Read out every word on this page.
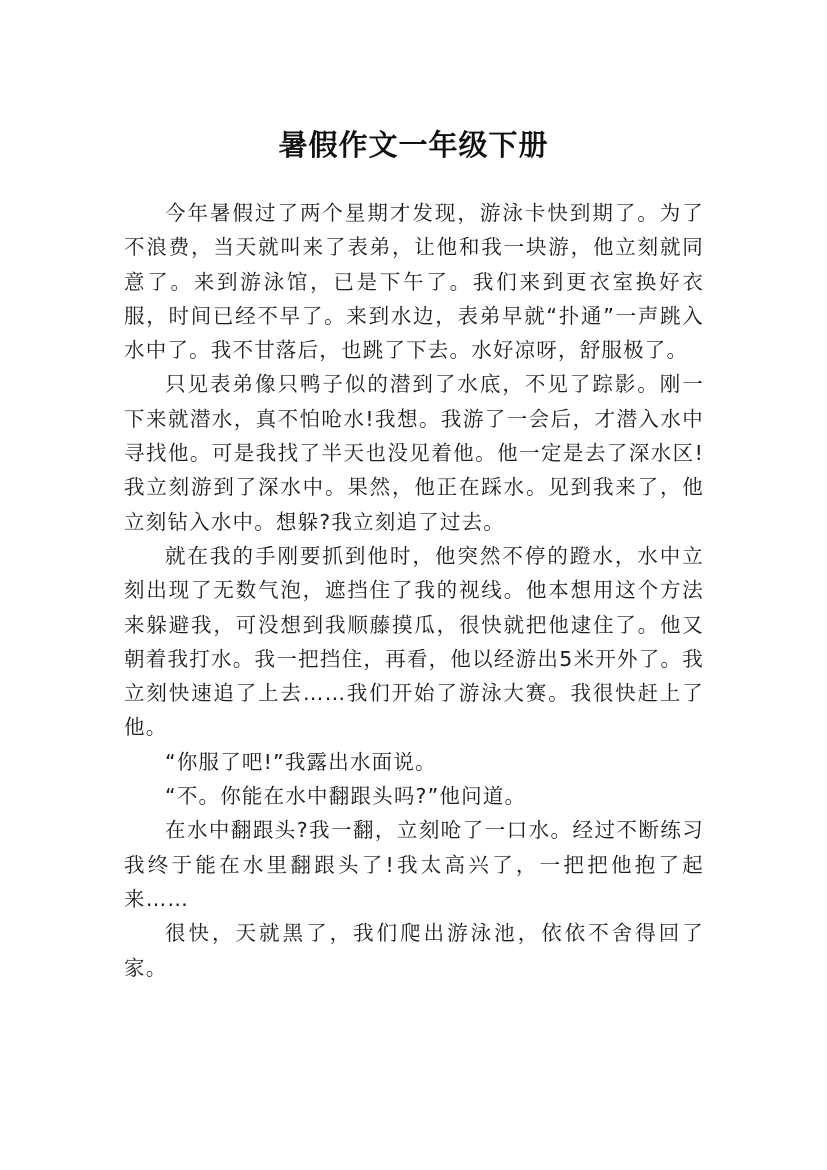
暑假作文一年级下册

今年暑假过了两个星期才发现，游泳卡快到期了。为了不浪费，当天就叫来了表弟，让他和我一块游，他立刻就同意了。来到游泳馆，已是下午了。我们来到更衣室换好衣服，时间已经不早了。来到水边，表弟早就“扑通”一声跳入水中了。我不甘落后，也跳了下去。水好凉呀，舒服极了。

只见表弟像只鸭子似的潜到了水底，不见了踪影。刚一下来就潜水，真不怕呛水!我想。我游了一会后，才潜入水中寻找他。可是我找了半天也没见着他。他一定是去了深水区!我立刻游到了深水中。果然，他正在踩水。见到我来了，他立刻钻入水中。想躲?我立刻追了过去。

就在我的手刚要抓到他时，他突然不停的蹬水，水中立刻出现了无数气泡，遮挡住了我的视线。他本想用这个方法来躲避我，可没想到我顺藤摸瓜，很快就把他逮住了。他又朝着我打水。我一把挡住，再看，他以经游出5米开外了。我立刻快速追了上去……我们开始了游泳大赛。我很快赶上了他。

“你服了吧!”我露出水面说。

“不。你能在水中翻跟头吗?”他问道。

在水中翻跟头?我一翻，立刻呛了一口水。经过不断练习我终于能在水里翻跟头了!我太高兴了，一把把他抱了起来……

很快，天就黑了，我们爬出游泳池，依依不舍得回了家。
